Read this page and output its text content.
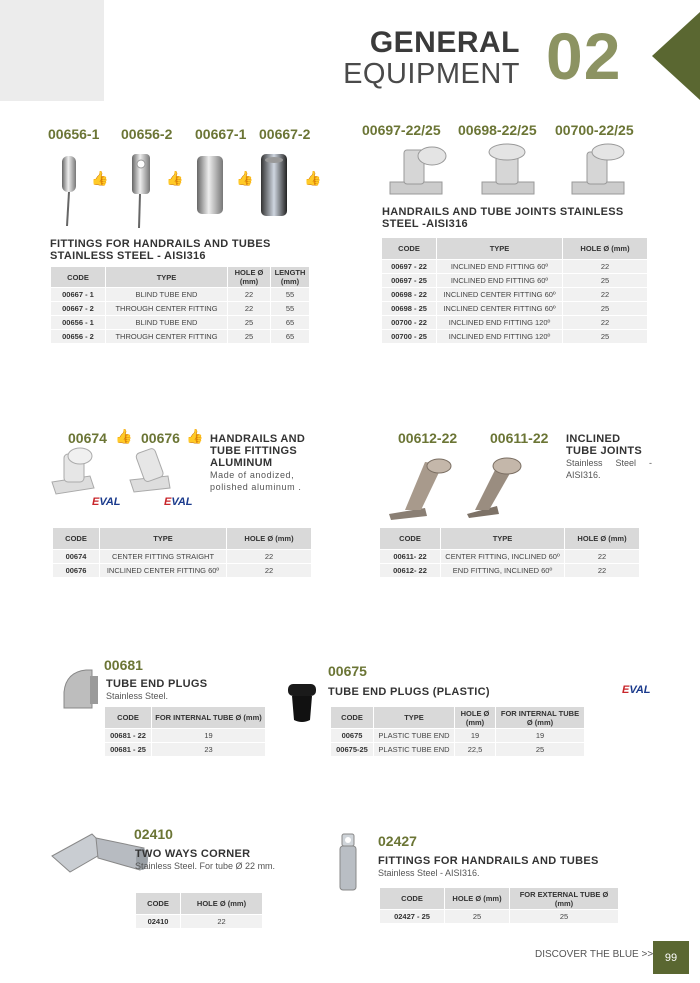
GENERAL
EQUIPMENT 02
00656-1 00656-2 00667-1 00667-2
👍	👍	👍	👍
FITTINGS FOR HANDRAILS AND TUBES STAINLESS STEEL - AISI316
CODE	TYPE	HOLE Ø (mm)	LENGTH (mm)
00667 - 1	BLIND TUBE END	22	55
00667 - 2	THROUGH CENTER FITTING	22	55
00656 - 1	BLIND TUBE END	25	65
00656 - 2	THROUGH CENTER FITTING	25	65
00697-22/25 00698-22/25 00700-22/25
HANDRAILS AND TUBE JOINTS STAINLESS STEEL -AISI316
CODE	TYPE	HOLE Ø (mm)
00697 - 22	INCLINED END FITTING 60º	22
00697 - 25	INCLINED END FITTING 60º	25
00698 - 22	INCLINED CENTER FITTING 60º	22
00698 - 25	INCLINED CENTER FITTING 60º	25
00700 - 22	INCLINED END FITTING 120º	22
00700 - 25	INCLINED END FITTING 120º	25
00674 👍 00676 👍
EVAL	EVAL
HANDRAILS AND TUBE FITTINGS ALUMINUM
Made of anodized, polished aluminum .
CODE	TYPE	HOLE Ø (mm)
00674	CENTER FITTING STRAIGHT	22
00676	INCLINED CENTER FITTING 60º	22
00612-22 00611-22 INCLINED TUBE JOINTS
Stainless Steel - AISI316.
CODE	TYPE	HOLE Ø (mm)
00611- 22	CENTER FITTING, INCLINED 60º	22
00612- 22	END FITTING, INCLINED 60º	22
00681
TUBE END PLUGS
Stainless Steel.
CODE	FOR INTERNAL TUBE Ø (mm)
00681 - 22	19
00681 - 25	23
00675
TUBE END PLUGS (PLASTIC)	EVAL
CODE	TYPE	HOLE Ø (mm)	FOR INTERNAL TUBE Ø (mm)
00675	PLASTIC TUBE END	19	19
00675-25	PLASTIC TUBE END	22,5	25
02410
TWO WAYS CORNER
Stainless Steel. For tube Ø 22 mm.
CODE	HOLE Ø (mm)
02410	22
02427
FITTINGS FOR HANDRAILS AND TUBES
Stainless Steel - AISI316.
CODE	HOLE Ø (mm)	FOR EXTERNAL TUBE Ø (mm)
02427 - 25	25	25
DISCOVER THE BLUE >>	99
